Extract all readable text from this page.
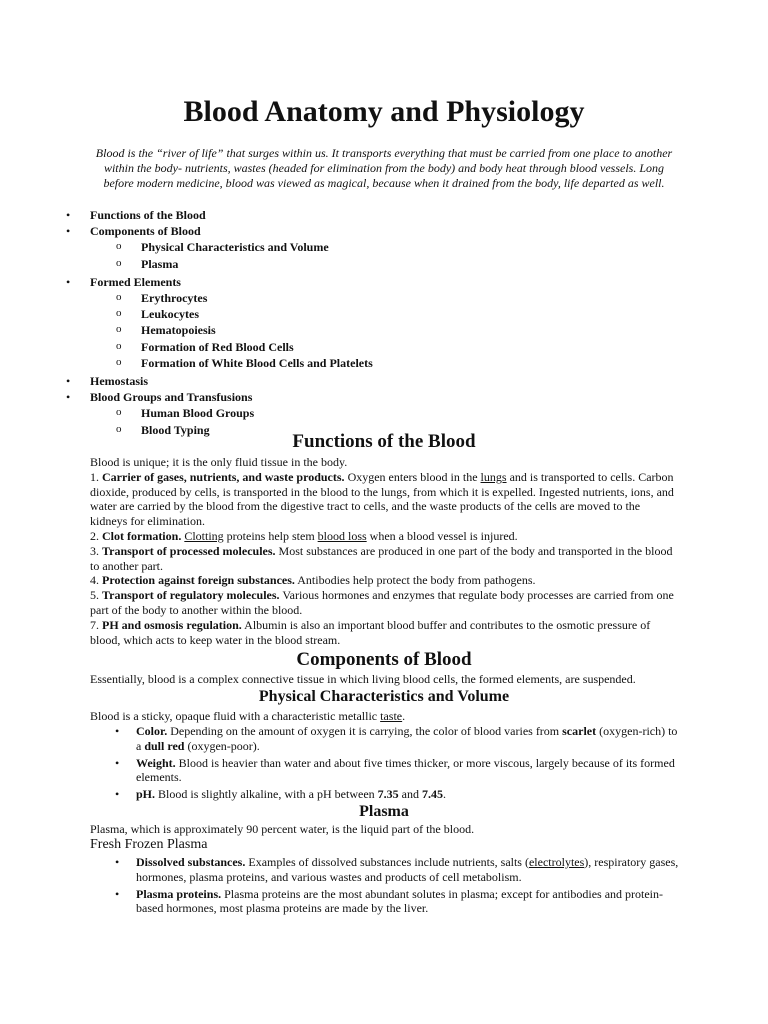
Blood Anatomy and Physiology

Blood is the “river of life” that surges within us. It transports everything that must be carried from one place to another within the body- nutrients, wastes (headed for elimination from the body) and body heat through blood vessels. Long before modern medicine, blood was viewed as magical, because when it drained from the body, life departed as well.

• Functions of the Blood
• Components of Blood
o Physical Characteristics and Volume
o Plasma
• Formed Elements
o Erythrocytes
o Leukocytes
o Hematopoiesis
o Formation of Red Blood Cells
o Formation of White Blood Cells and Platelets
• Hemostasis
• Blood Groups and Transfusions
o Human Blood Groups
o Blood Typing
Functions of the Blood

Blood is unique; it is the only fluid tissue in the body.

1. Carrier of gases, nutrients, and waste products. Oxygen enters blood in the lungs and is transported to cells. Carbon dioxide, produced by cells, is transported in the blood to the lungs, from which it is expelled. Ingested nutrients, ions, and water are carried by the blood from the digestive tract to cells, and the waste products of the cells are moved to the kidneys for elimination.

2. Clot formation. Clotting proteins help stem blood loss when a blood vessel is injured.

3. Transport of processed molecules. Most substances are produced in one part of the body and transported in the blood to another part.

4. Protection against foreign substances. Antibodies help protect the body from pathogens.

5. Transport of regulatory molecules. Various hormones and enzymes that regulate body processes are carried from one part of the body to another within the blood.

7. PH and osmosis regulation. Albumin is also an important blood buffer and contributes to the osmotic pressure of blood, which acts to keep water in the blood stream.

Components of Blood

Essentially, blood is a complex connective tissue in which living blood cells, the formed elements, are suspended.

Physical Characteristics and Volume

Blood is a sticky, opaque fluid with a characteristic metallic taste.

• Color. Depending on the amount of oxygen it is carrying, the color of blood varies from scarlet (oxygen-rich) to a dull red (oxygen-poor).
• Weight. Blood is heavier than water and about five times thicker, or more viscous, largely because of its formed elements.
• pH. Blood is slightly alkaline, with a pH between 7.35 and 7.45.
Plasma

Plasma, which is approximately 90 percent water, is the liquid part of the blood.

Fresh Frozen Plasma
• Dissolved substances. Examples of dissolved substances include nutrients, salts (electrolytes), respiratory gases, hormones, plasma proteins, and various wastes and products of cell metabolism.
• Plasma proteins. Plasma proteins are the most abundant solutes in plasma; except for antibodies and protein-based hormones, most plasma proteins are made by the liver.
